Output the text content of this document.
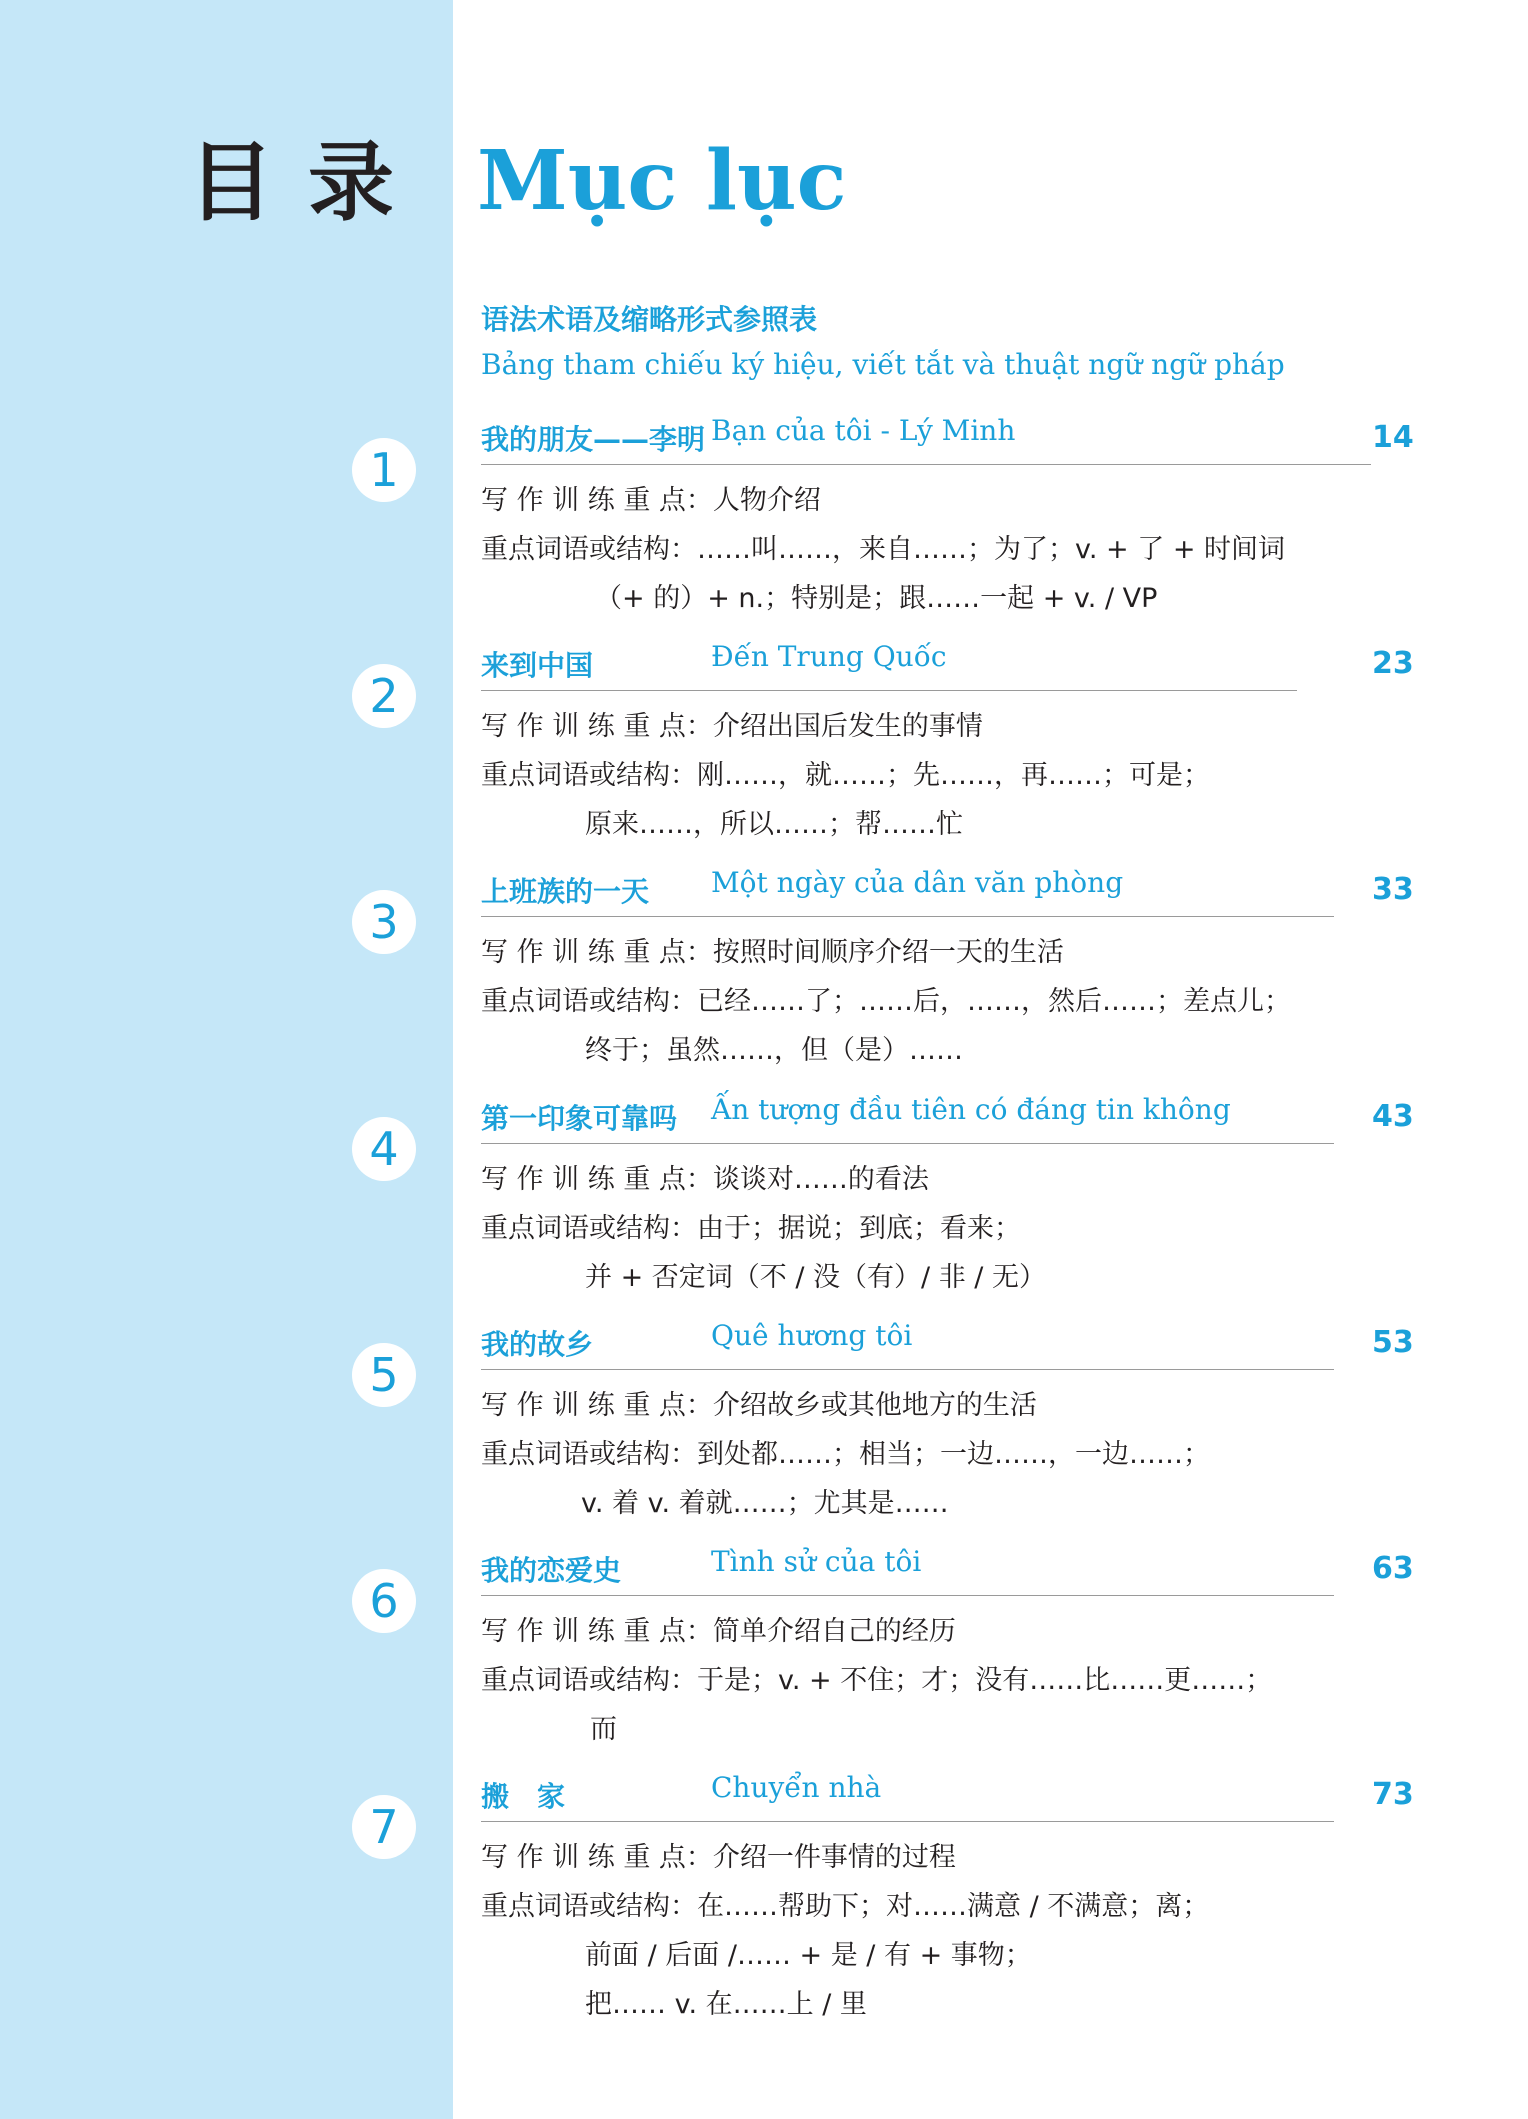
目录 Mục lục
语法术语及缩略形式参照表
Bảng tham chiếu ký hiệu, viết tắt và thuật ngữ ngữ pháp
1
我的朋友——李明 Bạn của tôi - Lý Minh	14
写 作 训 练 重 点：人物介绍
重点词语或结构：……叫……，来自……；为了；v. + 了 + 时间词
（+ 的）+ n.；特别是；跟……一起 + v. / VP
2
来到中国	Đến Trung Quốc	23
写 作 训 练 重 点：介绍出国后发生的事情
重点词语或结构：刚……，就……；先……，再……；可是；
原来……，所以……；帮……忙
3
上班族的一天 Một ngày của dân văn phòng	33
写 作 训 练 重 点：按照时间顺序介绍一天的生活
重点词语或结构：已经……了；……后，……，然后……；差点儿；
终于；虽然……，但（是）……
4
第一印象可靠吗 Ấn tượng đầu tiên có đáng tin không	43
写 作 训 练 重 点：谈谈对……的看法
重点词语或结构：由于；据说；到底；看来；
并 + 否定词（不 / 没（有）/ 非 / 无）
5
我的故乡	Quê hương tôi	53
写 作 训 练 重 点：介绍故乡或其他地方的生活
重点词语或结构：到处都……；相当；一边……，一边……；
v. 着 v. 着就……；尤其是……
6
我的恋爱史	Tình sử của tôi	63
写 作 训 练 重 点：简单介绍自己的经历
重点词语或结构：于是；v. + 不住；才；没有……比……更……；
而
7
搬　家	Chuyển nhà	73
写 作 训 练 重 点：介绍一件事情的过程
重点词语或结构：在……帮助下；对……满意 / 不满意；离；
前面 / 后面 /…… + 是 / 有 + 事物；
把…… v. 在……上 / 里
